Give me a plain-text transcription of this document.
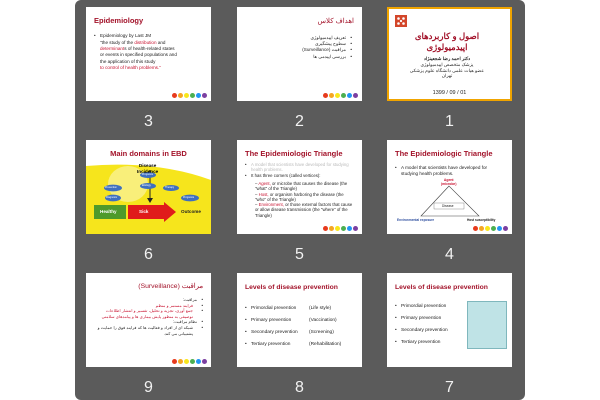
Epidemiology
• Epidemiology by Last JM
"the study of the distribution and
determinants of health-related states
or events in specified populations and
the application of this study
to control of health problems."
3
اهداف کلاس
• تعریف اپیدمیولوژی
• سطوح پیشگیری
• مراقبت (Surveillance)
• بررسی اپیدمی ها
2
اصول و کاربردهای
اپیدمیولوژی
دکتر احمد رضا شجعینژاد
پزشک متخصص اپیدمیولوژی
عضو هیات علمی دانشگاه علوم پزشکی
تهران
1399 / 09 / 01
1
Main domains in EBD
Disease
Incidence
Healthy	Sick	Outcome
Prevention
Diagnosis
Prognosis
Etiology
Therapy
Prognosis
6
The Epidemiologic Triangle
• A model that scientists have developed for studying health problems.
• It has three corners (called vertices):
– Agent, or microbe that causes the disease (the "what" of the Triangle)
– Host, or organism harboring the disease (the "who" of the Triangle)
– Environment, or those external factors that cause or allow disease transmission (the "where" of the Triangle)
5
The Epidemiologic Triangle
• A model that scientists have developed for studying health problems.
Agent
(microbe)
Disease
Environmental exposure	Host susceptibility
4
مراقبت (Surveillance)
• مراقبت:
• فرایند مستمر و منظم
• جمع آوری، تجزیه و تحلیل، تفسیر و انتشار اطلاعات توصیفی به منظور پایش بیماری ها و پیامدهای سلامتی
• نظام مراقبت:
• شبکه ای از افراد و فعالیت ها که فرایند فوق را حمایت و پشتیبانی می کند.
9
Levels of disease prevention
• Primordial prevention	(Life style)
• Primary prevention	(Vaccination)
• Secondary prevention (Screening)
• Tertiary prevention	(Rehabilitation)
8
Levels of disease prevention
• Primordial prevention
• Primary prevention
• Secondary prevention
• Tertiary prevention
7
